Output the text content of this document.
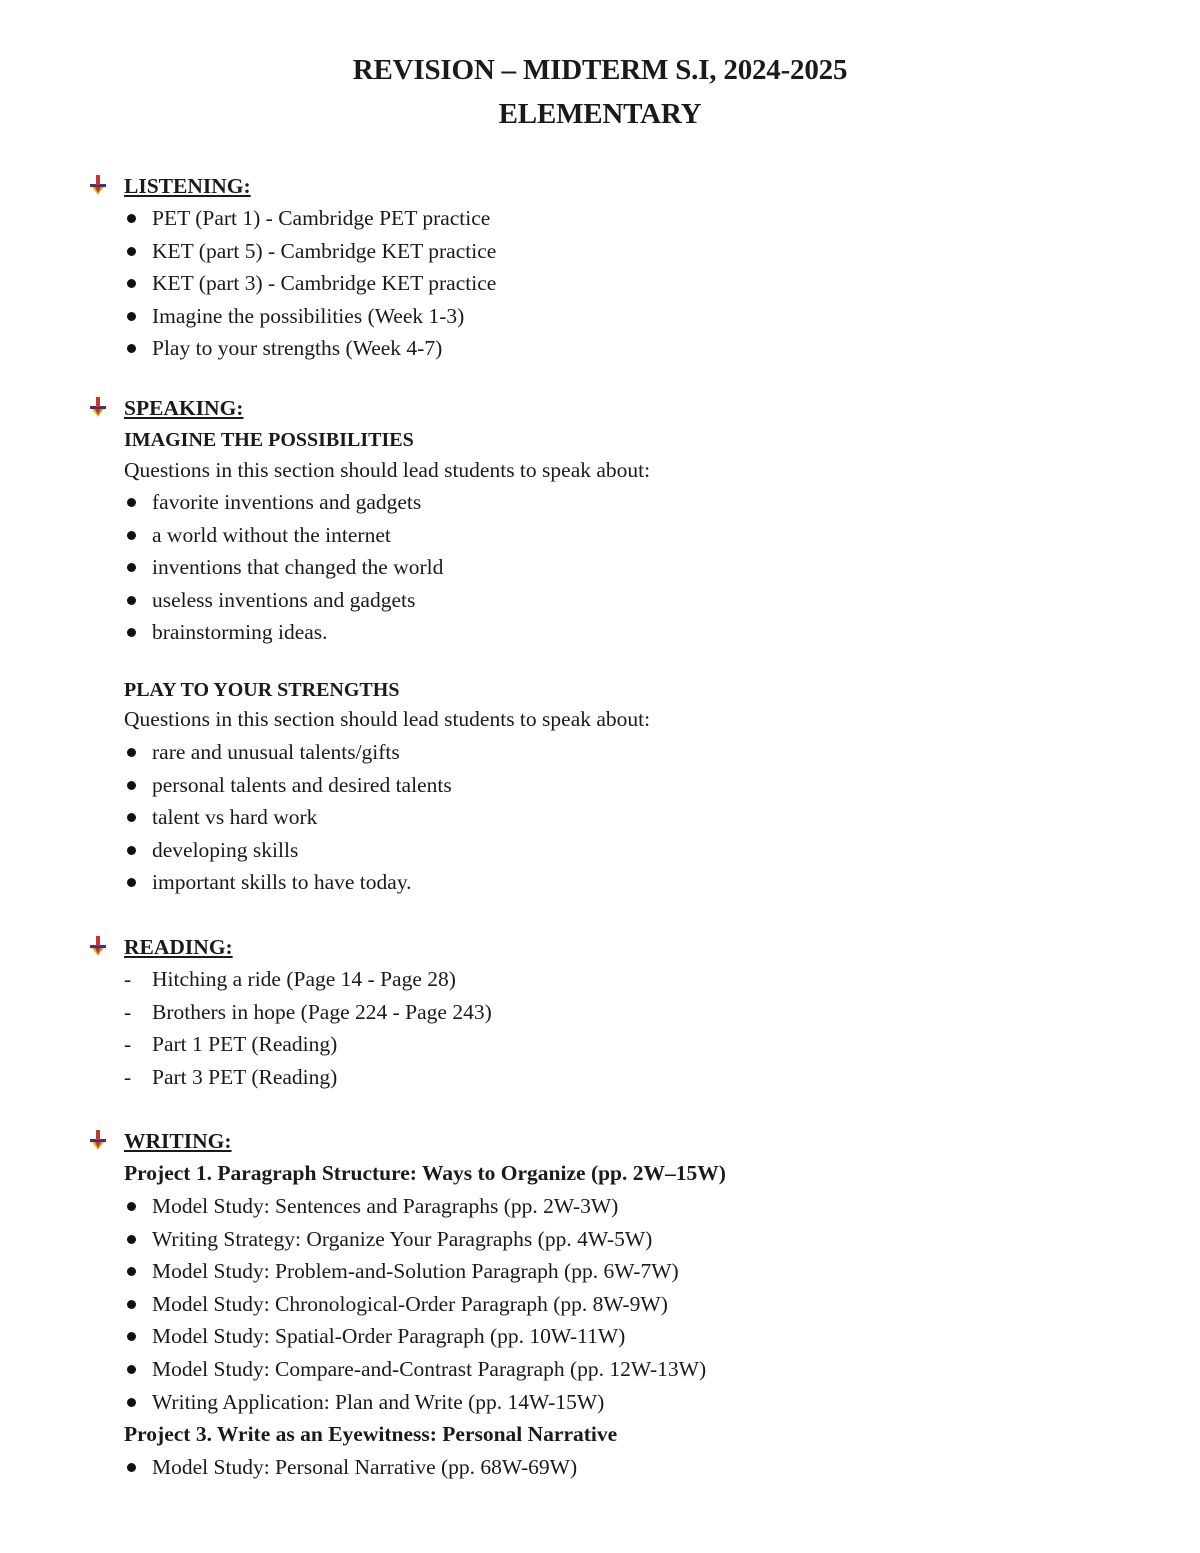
REVISION – MIDTERM S.I, 2024-2025
ELEMENTARY
LISTENING:
PET (Part 1) - Cambridge PET practice
KET (part 5) - Cambridge KET practice
KET (part 3) - Cambridge KET practice
Imagine the possibilities (Week 1-3)
Play to your strengths (Week 4-7)
SPEAKING:
IMAGINE THE POSSIBILITIES
Questions in this section should lead students to speak about:
favorite inventions and gadgets
a world without the internet
inventions that changed the world
useless inventions and gadgets
brainstorming ideas.
PLAY TO YOUR STRENGTHS
Questions in this section should lead students to speak about:
rare and unusual talents/gifts
personal talents and desired talents
talent vs hard work
developing skills
important skills to have today.
READING:
- Hitching a ride (Page 14 - Page 28)
- Brothers in hope (Page 224 - Page 243)
- Part 1 PET (Reading)
- Part 3 PET (Reading)
WRITING:
Project 1. Paragraph Structure: Ways to Organize (pp. 2W–15W)
Model Study: Sentences and Paragraphs (pp. 2W-3W)
Writing Strategy: Organize Your Paragraphs (pp. 4W-5W)
Model Study: Problem-and-Solution Paragraph (pp. 6W-7W)
Model Study: Chronological-Order Paragraph (pp. 8W-9W)
Model Study: Spatial-Order Paragraph (pp. 10W-11W)
Model Study: Compare-and-Contrast Paragraph (pp. 12W-13W)
Writing Application: Plan and Write (pp. 14W-15W)
Project 3. Write as an Eyewitness: Personal Narrative
Model Study: Personal Narrative (pp. 68W-69W)
